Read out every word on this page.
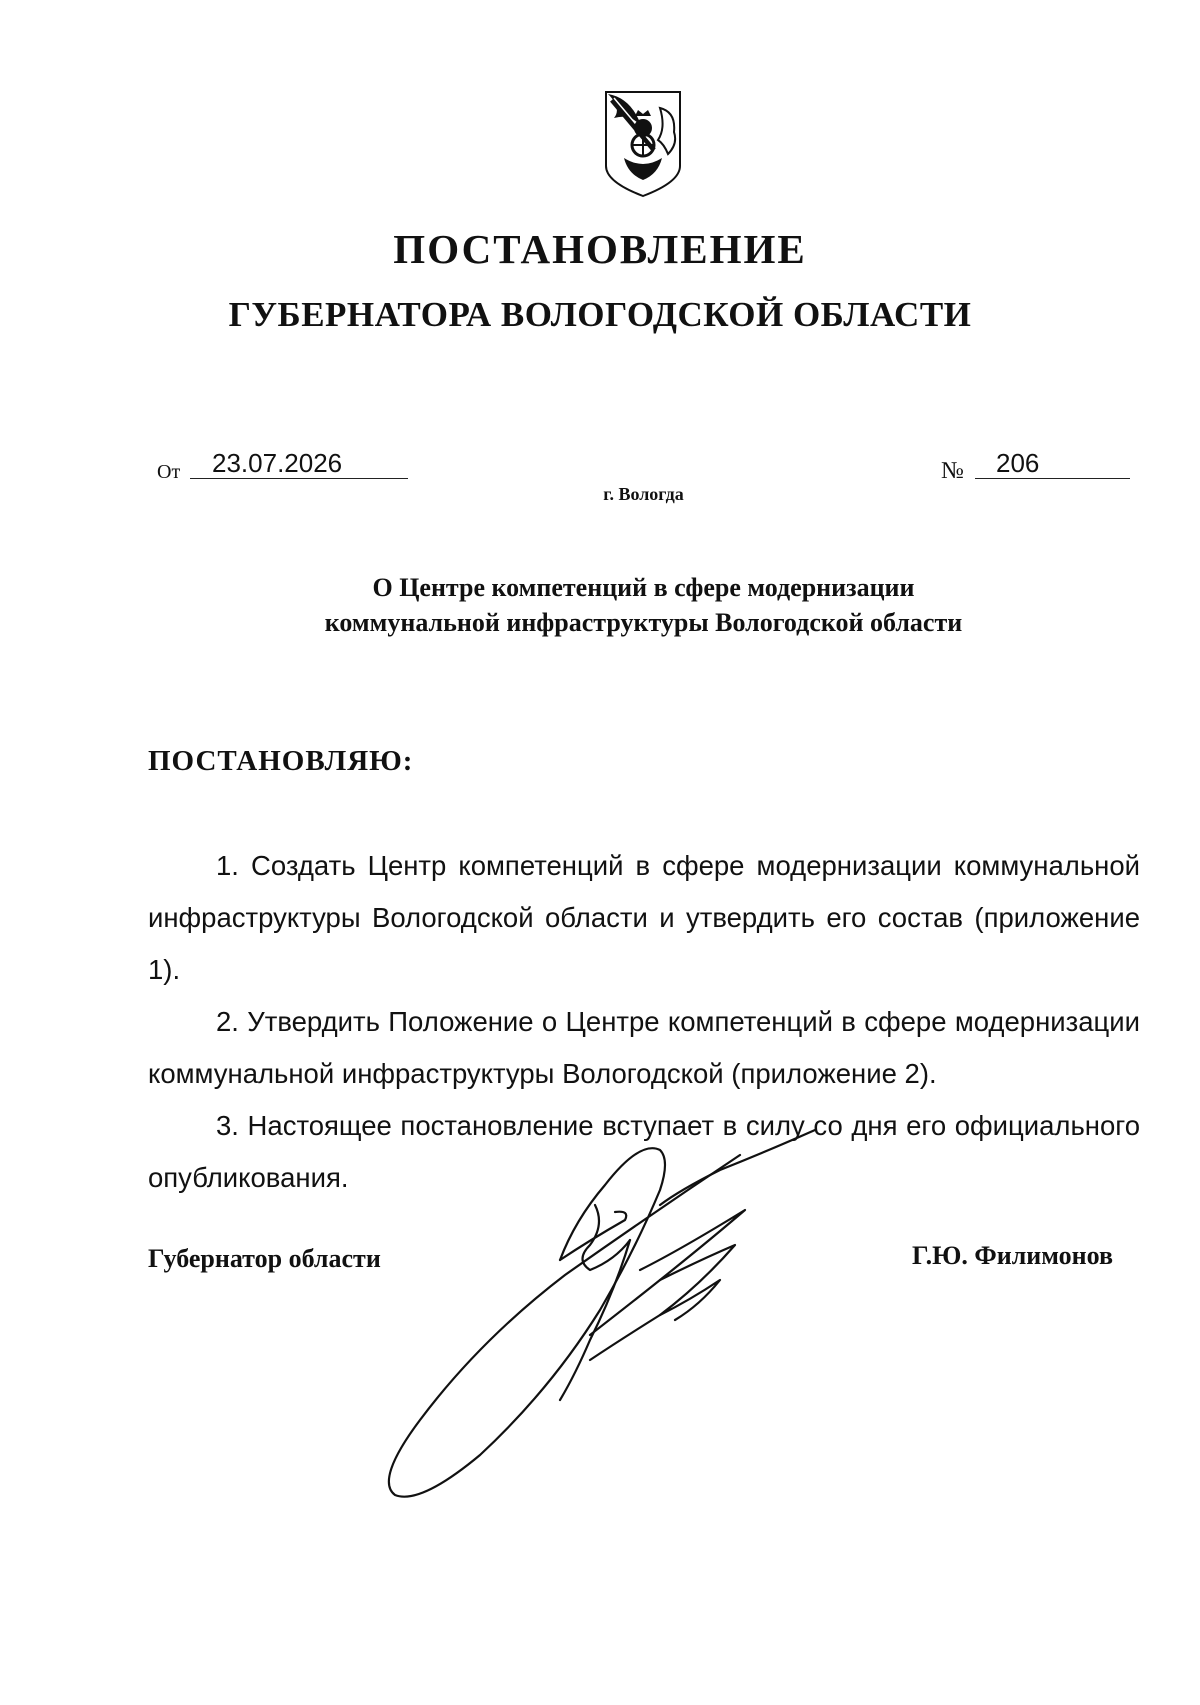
ПОСТАНОВЛЕНИЕ
ГУБЕРНАТОРА ВОЛОГОДСКОЙ ОБЛАСТИ
От 23.07.2026	№ 206
г. Вологда
О Центре компетенций в сфере модернизации
коммунальной инфраструктуры Вологодской области
ПОСТАНОВЛЯЮ:

1. Создать Центр компетенций в сфере модернизации коммунальной инфраструктуры Вологодской области и утвердить его состав (приложение 1).

2. Утвердить Положение о Центре компетенций в сфере модернизации коммунальной инфраструктуры Вологодской (приложение 2).

3. Настоящее постановление вступает в силу со дня его официального опубликования.

Губернатор области	Г.Ю. Филимонов
